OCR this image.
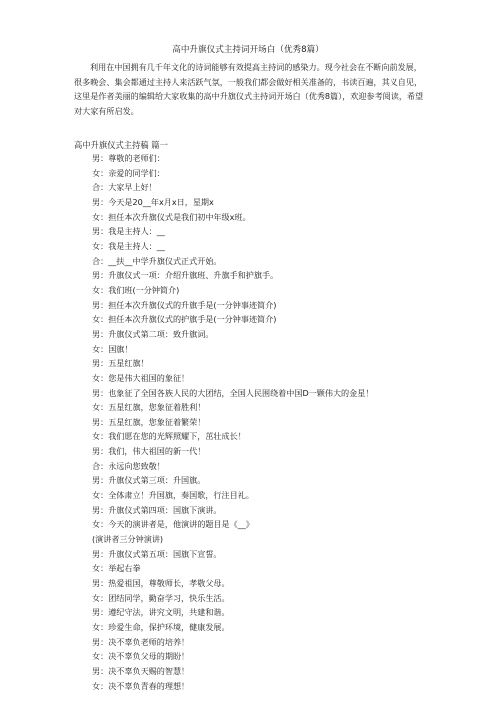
高中升旗仪式主持词开场白（优秀8篇）

利用在中国拥有几千年文化的诗词能够有效提高主持词的感染力。现今社会在不断向前发展，很多晚会、集会都通过主持人来活跃气氛，一般我们都会做好相关准备的，书读百遍，其义自见，这里是作者美丽的编辑给大家收集的高中升旗仪式主持词开场白（优秀8篇），欢迎参考阅读，希望对大家有所启发。

高中升旗仪式主持稿 篇一
男：尊敬的老师们：
女：亲爱的同学们：
合：大家早上好！
男：今天是20__年x月x日，星期x
女：担任本次升旗仪式是我们初中年级x班。
男：我是主持人：__
女：我是主持人：__
合：__扶__中学升旗仪式正式开始。
男：升旗仪式一项：介绍升旗班、升旗手和护旗手。
女：我们班(一分钟简介)
男：担任本次升旗仪式的升旗手是(一分钟事迹简介)
女：担任本次升旗仪式的护旗手是(一分钟事迹简介)
男：升旗仪式第二项：致升旗词。
女：国旗！
男：五星红旗！
女：您是伟大祖国的象征！
男：也象征了全国各族人民的大团结，全国人民围绕着中国D一颗伟大的金星！
女：五星红旗，您象征着胜利！
男：五星红旗，您象征着繁荣！
女：我们愿在您的光辉照耀下，茁壮成长！
男：我们，伟大祖国的新一代！
合：永远向您致敬！
男：升旗仪式第三项：升国旗。
女：全体肃立！升国旗，奏国歌，行注目礼。
男：升旗仪式第四项：国旗下演讲。
女：今天的演讲者是，他演讲的题目是《__》
(演讲者三分钟演讲)
男：升旗仪式第五项：国旗下宣誓。
女：举起右拳
男：热爱祖国，尊敬师长，孝敬父母。
女：团结同学，勤奋学习，快乐生活。
男：遵纪守法，讲究文明，共建和谐。
女：珍爱生命，保护环境，健康发展。
男：决不辜负老师的培养！
女：决不辜负父母的期盼！
男：决不辜负天赐的智慧！
女：决不辜负青春的理想！
